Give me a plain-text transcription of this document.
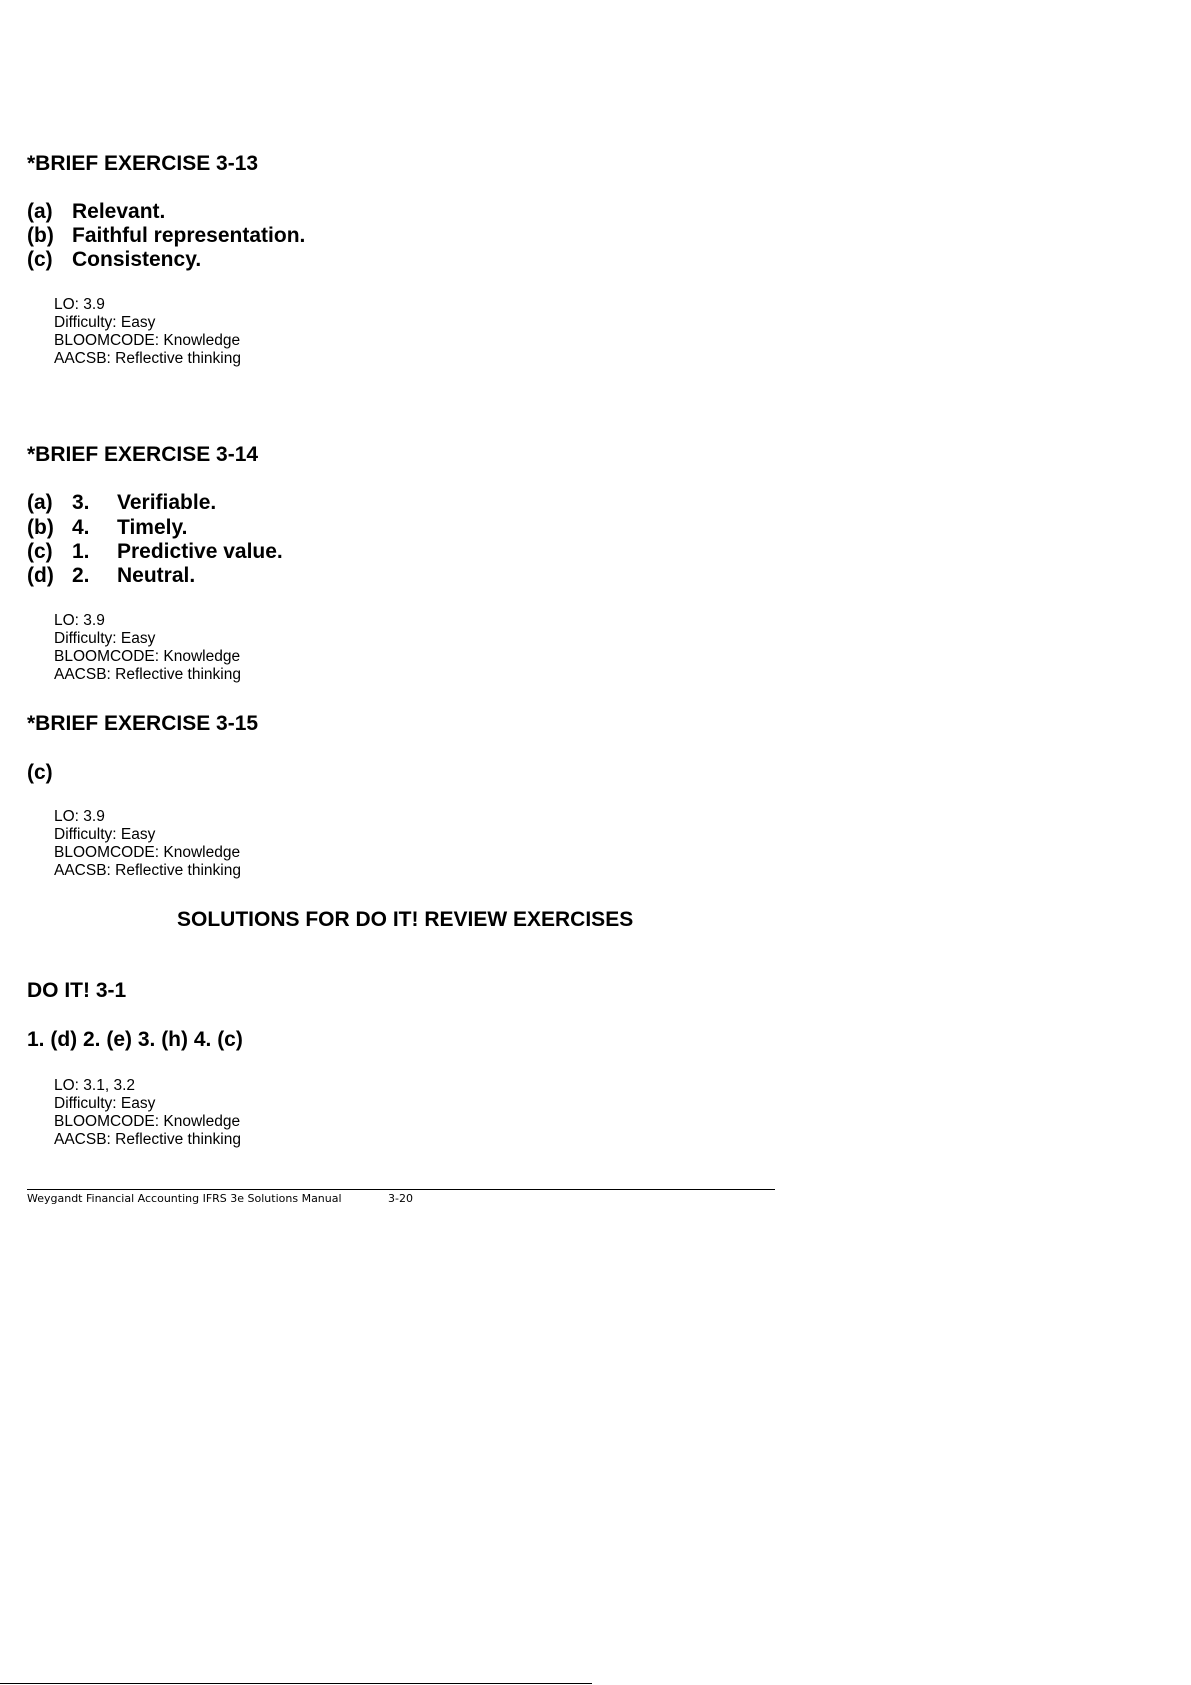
*BRIEF EXERCISE 3-13
(a) Relevant.
(b) Faithful representation.
(c) Consistency.
LO: 3.9
Difficulty: Easy
BLOOMCODE: Knowledge
AACSB: Reflective thinking
*BRIEF EXERCISE 3-14
(a) 3. Verifiable.
(b) 4. Timely.
(c) 1. Predictive value.
(d) 2. Neutral.
LO: 3.9
Difficulty: Easy
BLOOMCODE: Knowledge
AACSB: Reflective thinking
*BRIEF EXERCISE 3-15
(c)
LO: 3.9
Difficulty: Easy
BLOOMCODE: Knowledge
AACSB: Reflective thinking
SOLUTIONS FOR DO IT! REVIEW EXERCISES
DO IT! 3-1
1. (d) 2. (e) 3. (h) 4. (c)
LO: 3.1, 3.2
Difficulty: Easy
BLOOMCODE: Knowledge
AACSB: Reflective thinking
Weygandt Financial Accounting IFRS 3e Solutions Manual	3-20
